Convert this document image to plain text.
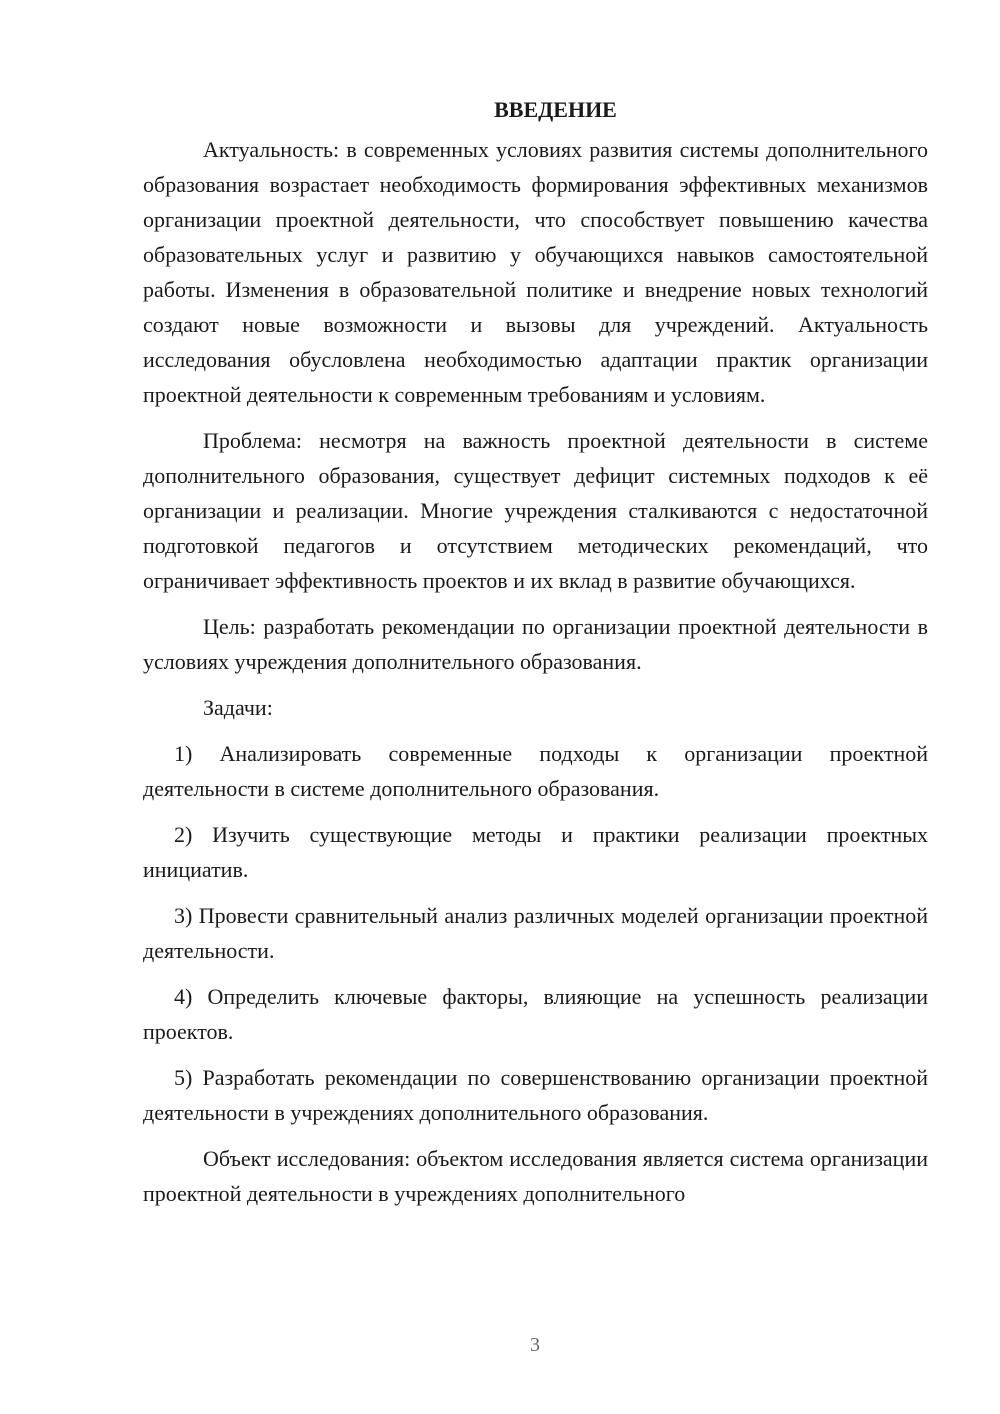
ВВЕДЕНИЕ

Актуальность: в современных условиях развития системы дополнительного образования возрастает необходимость формирования эффективных механизмов организации проектной деятельности, что способствует повышению качества образовательных услуг и развитию у обучающихся навыков самостоятельной работы. Изменения в образовательной политике и внедрение новых технологий создают новые возможности и вызовы для учреждений. Актуальность исследования обусловлена необходимостью адаптации практик организации проектной деятельности к современным требованиям и условиям.

Проблема: несмотря на важность проектной деятельности в системе дополнительного образования, существует дефицит системных подходов к её организации и реализации. Многие учреждения сталкиваются с недостаточной подготовкой педагогов и отсутствием методических рекомендаций, что ограничивает эффективность проектов и их вклад в развитие обучающихся.

Цель: разработать рекомендации по организации проектной деятельности в условиях учреждения дополнительного образования.

Задачи:

1) Анализировать современные подходы к организации проектной деятельности в системе дополнительного образования.

2) Изучить существующие методы и практики реализации проектных инициатив.

3) Провести сравнительный анализ различных моделей организации проектной деятельности.

4) Определить ключевые факторы, влияющие на успешность реализации проектов.

5) Разработать рекомендации по совершенствованию организации проектной деятельности в учреждениях дополнительного образования.

Объект исследования: объектом исследования является система организации проектной деятельности в учреждениях дополнительного

3
